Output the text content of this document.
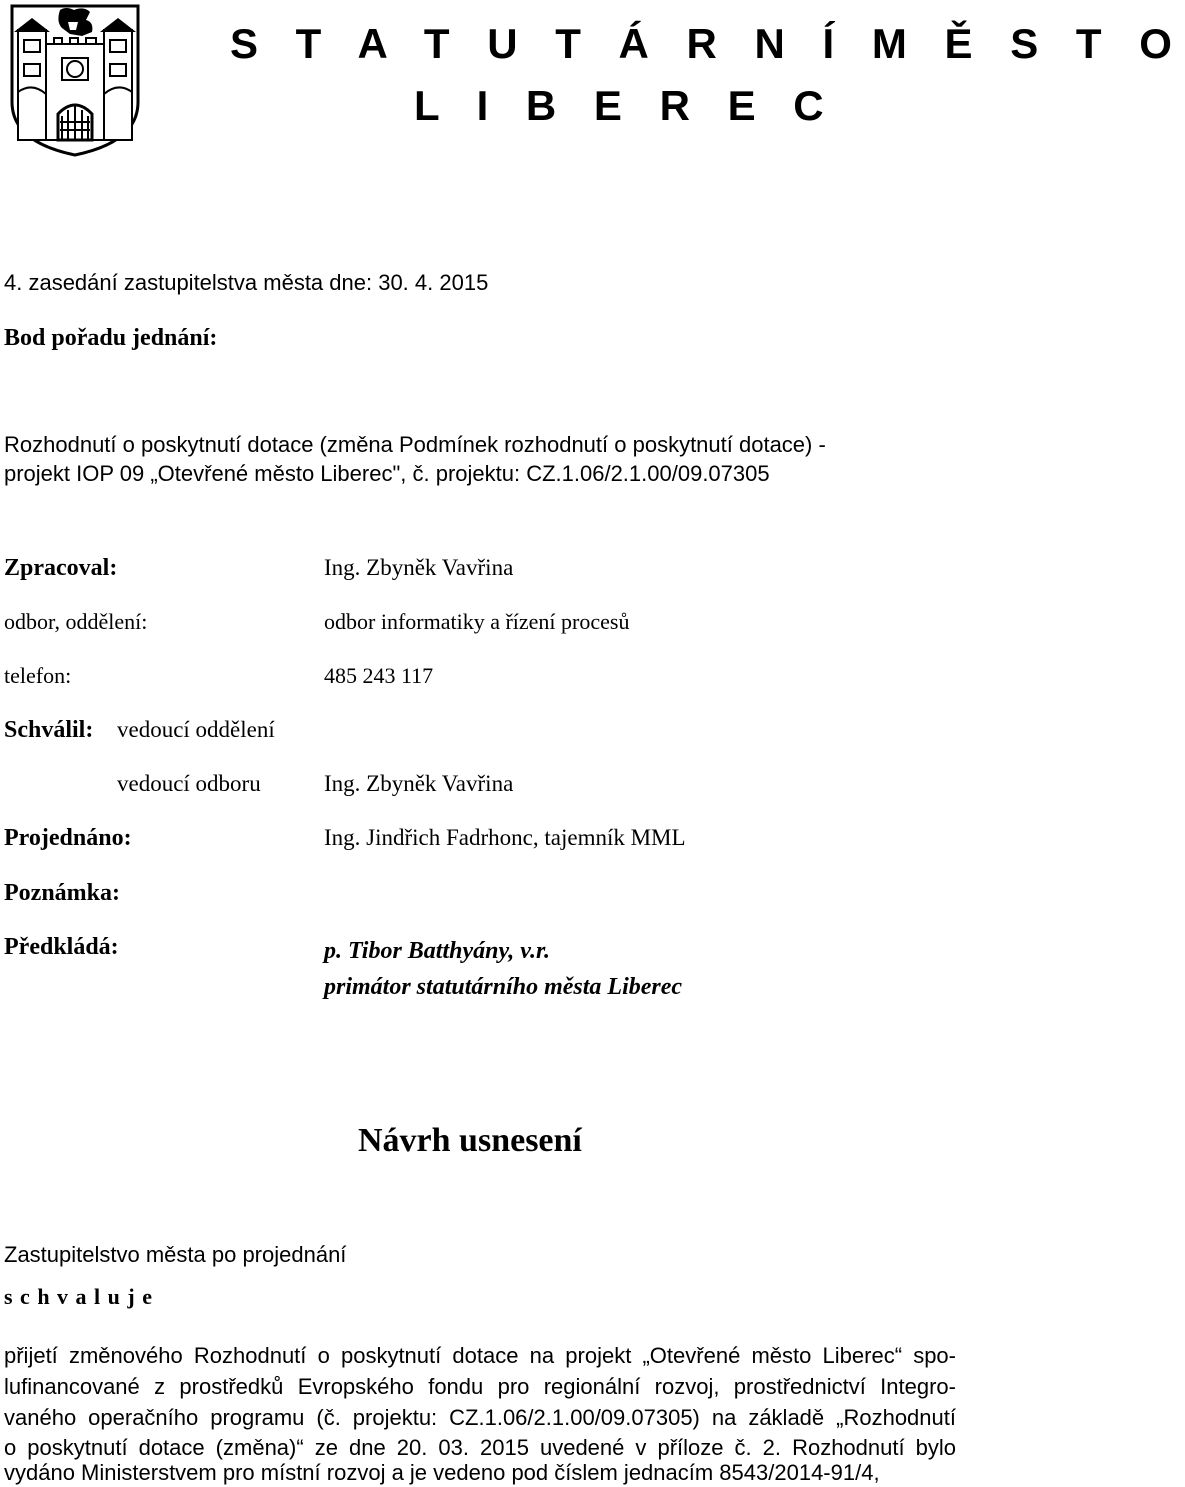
S T A T U T Á R N Í M Ě S T O
L I B E R E C
4. zasedání zastupitelstva města dne: 30. 4. 2015
Bod pořadu jednání:
Rozhodnutí o poskytnutí dotace (změna Podmínek rozhodnutí o poskytnutí dotace) -
projekt IOP 09 „Otevřené město Liberec", č. projektu: CZ.1.06/2.1.00/09.07305
Zpracoval:	Ing. Zbyněk Vavřina
odbor, oddělení:	odbor informatiky a řízení procesů
telefon:	485 243 117
Schválil: vedoucí oddělení
vedoucí odboru	Ing. Zbyněk Vavřina
Projednáno:	Ing. Jindřich Fadrhonc, tajemník MML
Poznámka:
Předkládá:	p. Tibor Batthyány, v.r.
primátor statutárního města Liberec
Návrh usnesení
Zastupitelstvo města po projednání
s c h v a l u j e
přijetí změnového Rozhodnutí o poskytnutí dotace na projekt „Otevřené město Liberec“ spo-
lufinancované z prostředků Evropského fondu pro regionální rozvoj, prostřednictví Integro-
vaného operačního programu (č. projektu: CZ.1.06/2.1.00/09.07305) na základě „Rozhodnutí
o poskytnutí dotace (změna)“ ze dne 20. 03. 2015 uvedené v příloze č. 2. Rozhodnutí bylo
vydáno Ministerstvem pro místní rozvoj a je vedeno pod číslem jednacím 8543/2014-91/4,
